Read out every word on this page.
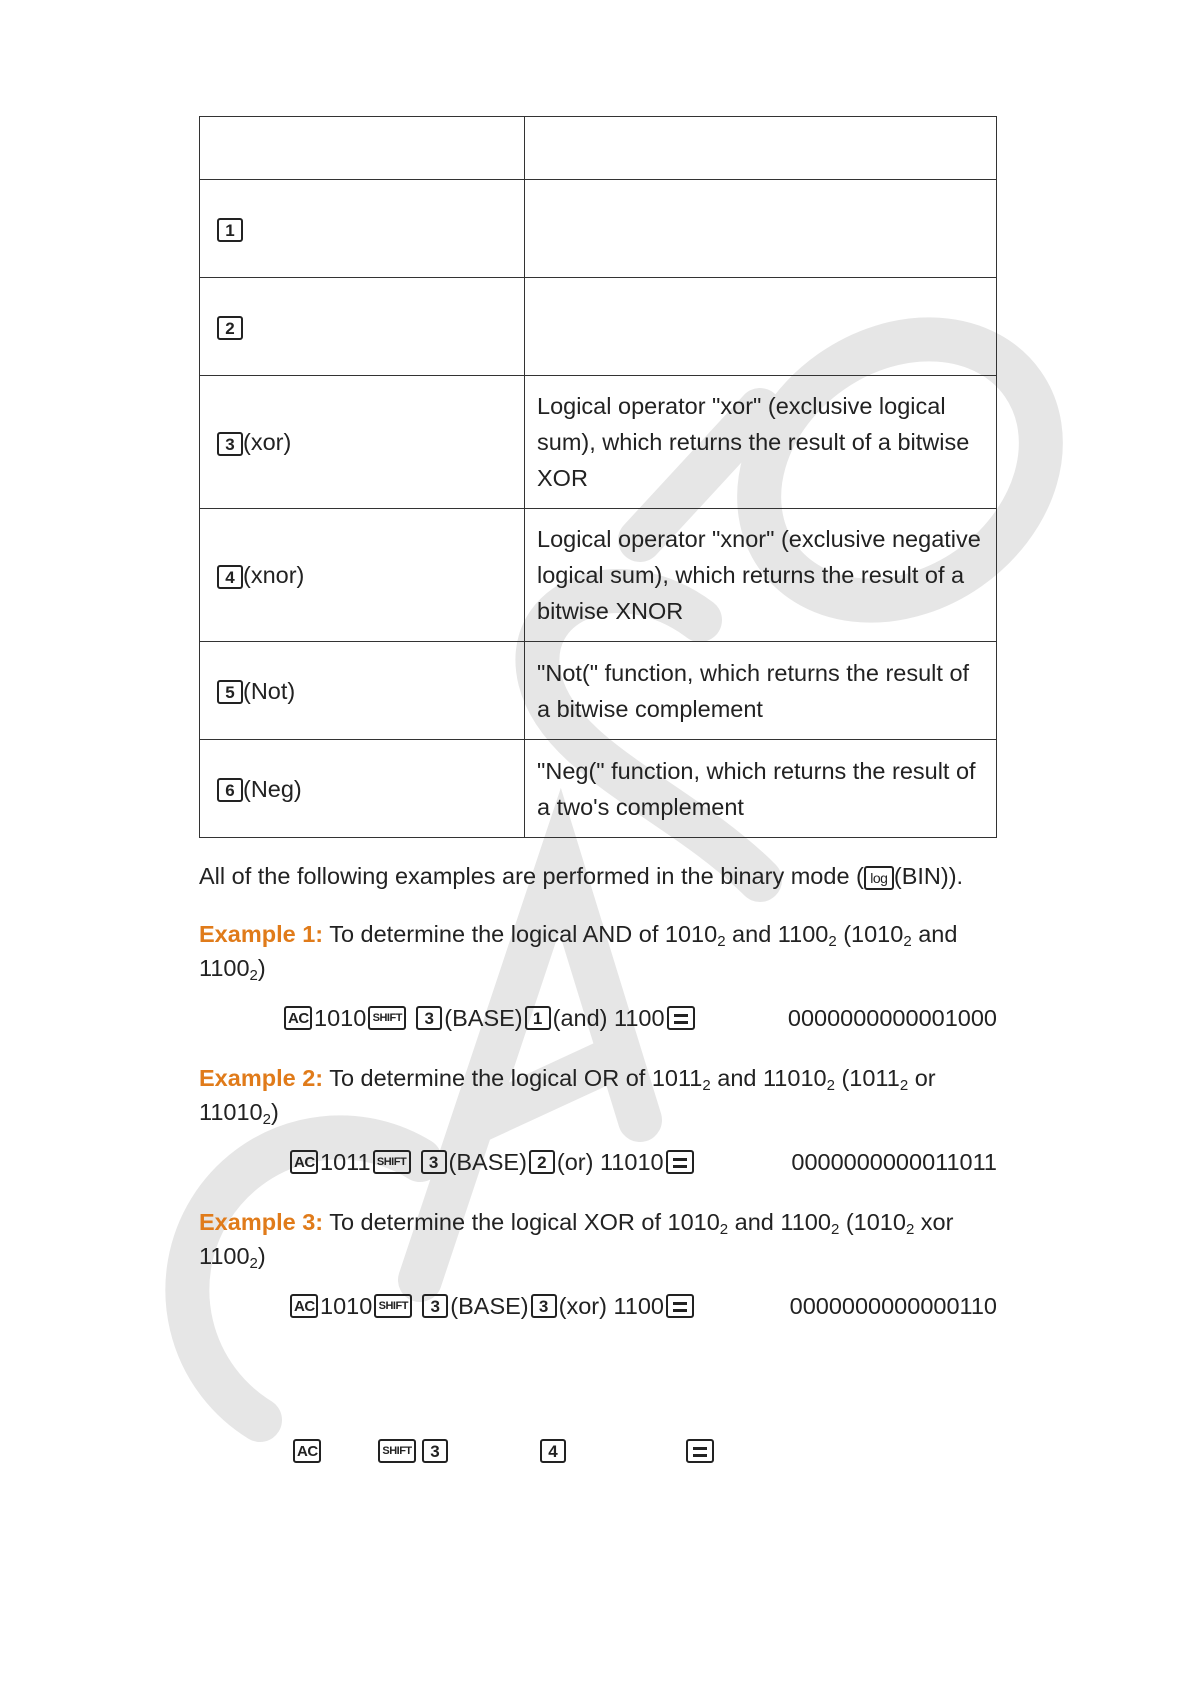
1	
2	
3 (xor)	Logical operator "xor" (exclusive logical sum), which returns the result of a bitwise XOR
4 (xnor)	Logical operator "xnor" (exclusive negative logical sum), which returns the result of a bitwise XNOR
5 (Not)	"Not(" function, which returns the result of a bitwise complement
6 (Neg)	"Neg(" function, which returns the result of a two's complement
All of the following examples are performed in the binary mode ( log (BIN)).
Example 1: To determine the logical AND of $1010_2$ and $1100_2$ ($1010_2$ and
$1100_2$)
AC 1010 SHIFT	3 (BASE) 1 (and) 1100	0000000000001000
Example 2: To determine the logical OR of $1011_2$ and $11010_2$ ($1011_2$ or
$11010_2$)
AC 1011 SHIFT	3 (BASE) 2 (or) 11010	0000000000011011
Example 3: To determine the logical XOR of $1010_2$ and $1100_2$ ($1010_2$ xor
$1100_2$)
AC 1010 SHIFT	3 (BASE) 3 (xor) 1100	0000000000000110
AC	SHIFT	3	4
